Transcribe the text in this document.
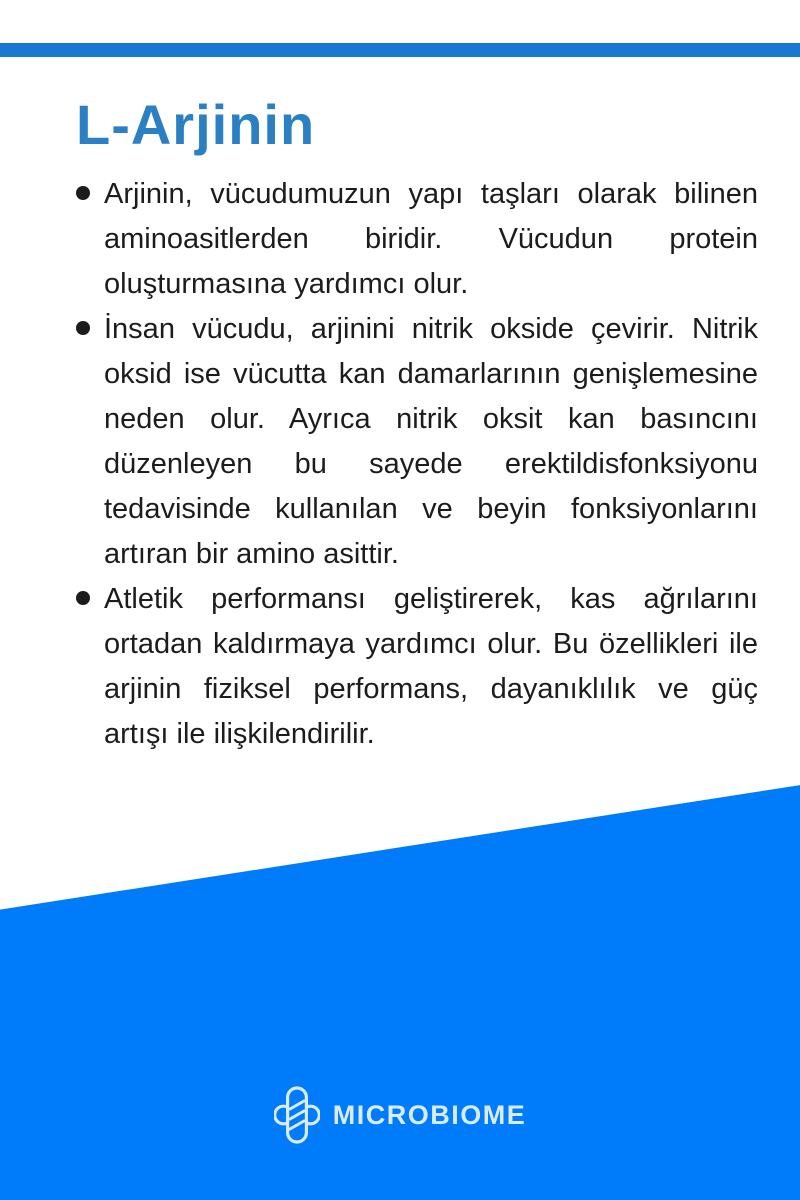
L-Arjinin
Arjinin, vücudumuzun yapı taşları olarak bilinen aminoasitlerden biridir. Vücudun protein oluşturmasına yardımcı olur.
İnsan vücudu, arjinini nitrik okside çevirir. Nitrik oksid ise vücutta kan damarlarının genişlemesine neden olur. Ayrıca nitrik oksit kan basıncını düzenleyen bu sayede erektildisfonksiyonu tedavisinde kullanılan ve beyin fonksiyonlarını artıran bir amino asittir.
Atletik performansı geliştirerek, kas ağrılarını ortadan kaldırmaya yardımcı olur. Bu özellikleri ile arjinin fiziksel performans, dayanıklılık ve güç artışı ile ilişkilendirilir.
MICROBIOME
